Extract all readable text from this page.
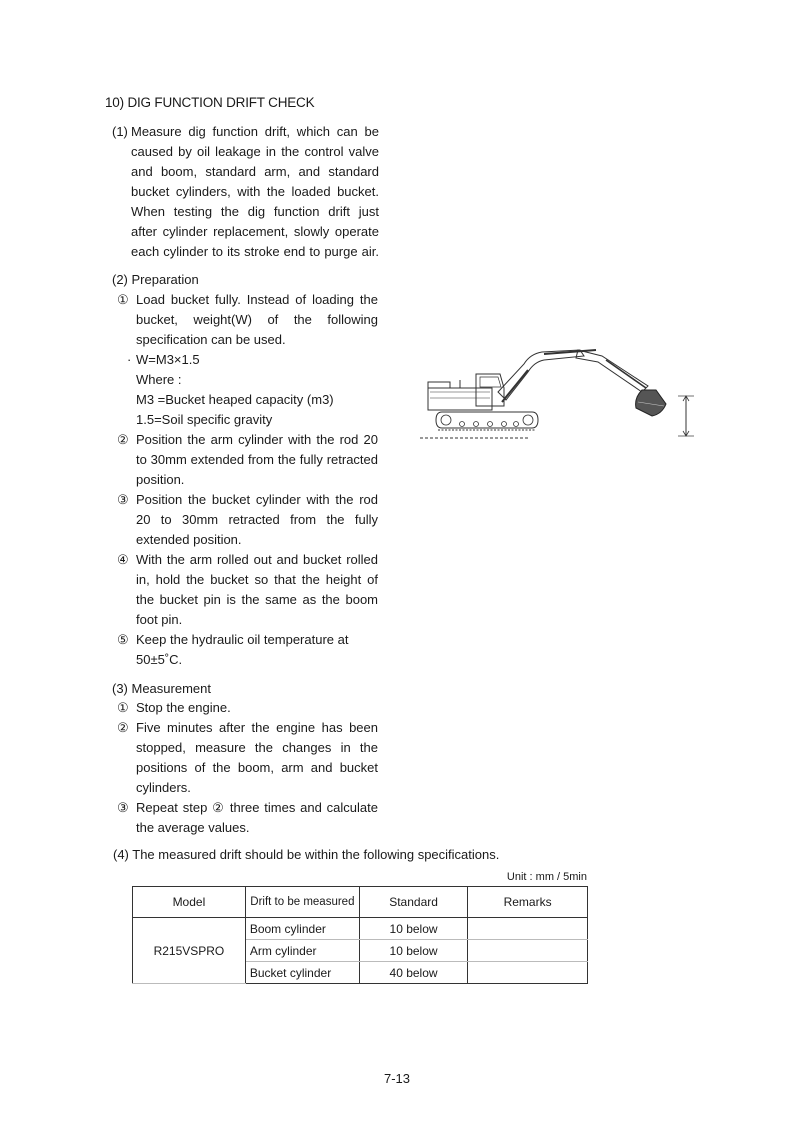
10) DIG FUNCTION DRIFT CHECK
(1) Measure dig function drift, which can be
caused by oil leakage in the control valve
and boom, standard arm, and standard
bucket cylinders, with the loaded bucket.
When testing the dig function drift just
after cylinder replacement, slowly operate
each cylinder to its stroke end to purge air.
(2) Preparation
① Load bucket fully. Instead of loading the
bucket, weight(W) of the following
specification can be used.
· W=M3×1.5
Where :
M3 =Bucket heaped capacity (m3)
1.5=Soil specific gravity
② Position the arm cylinder with the rod 20
to 30mm extended from the fully retracted
position.
③ Position the bucket cylinder with the rod
20 to 30mm retracted from the fully
extended position.
④ With the arm rolled out and bucket rolled
in, hold the bucket so that the height of
the bucket pin is the same as the boom
foot pin.
⑤ Keep the hydraulic oil temperature at
50±5˚C.
(3) Measurement
① Stop the engine.
② Five minutes after the engine has been
stopped, measure the changes in the
positions of the boom, arm and bucket
cylinders.
③ Repeat step ② three times and calculate
the average values.
(4) The measured drift should be within the following specifications.
Unit : mm / 5min
Model	Drift to be measured	Standard	Remarks
R215VSPRO	Boom cylinder	10 below	
	Arm cylinder	10 below	
	Bucket cylinder	40 below	
7-13
